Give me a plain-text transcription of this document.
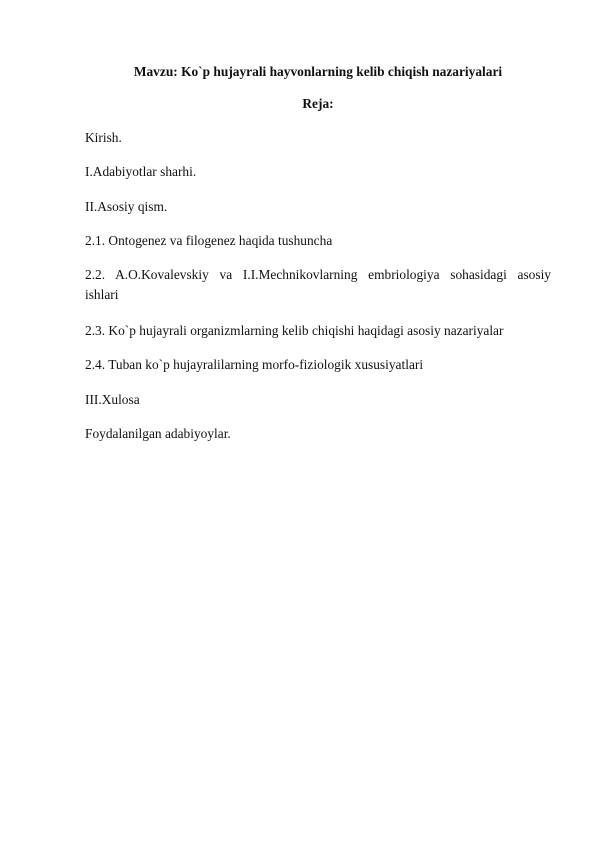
Mavzu: Ko`p hujayrali hayvonlarning kelib chiqish nazariyalari
Reja:
Kirish.
I.Adabiyotlar sharhi.
II.Asosiy qism.
2.1. Ontogenez va filogenez haqida tushuncha
2.2. A.O.Kovalevskiy va I.I.Mechnikovlarning embriologiya sohasidagi asosiy
ishlari
2.3. Ko`p hujayrali organizmlarning kelib chiqishi haqidagi asosiy nazariyalar
2.4. Tuban ko`p hujayralilarning morfo-fiziologik xususiyatlari
III.Xulosa
Foydalanilgan adabiyoylar.
